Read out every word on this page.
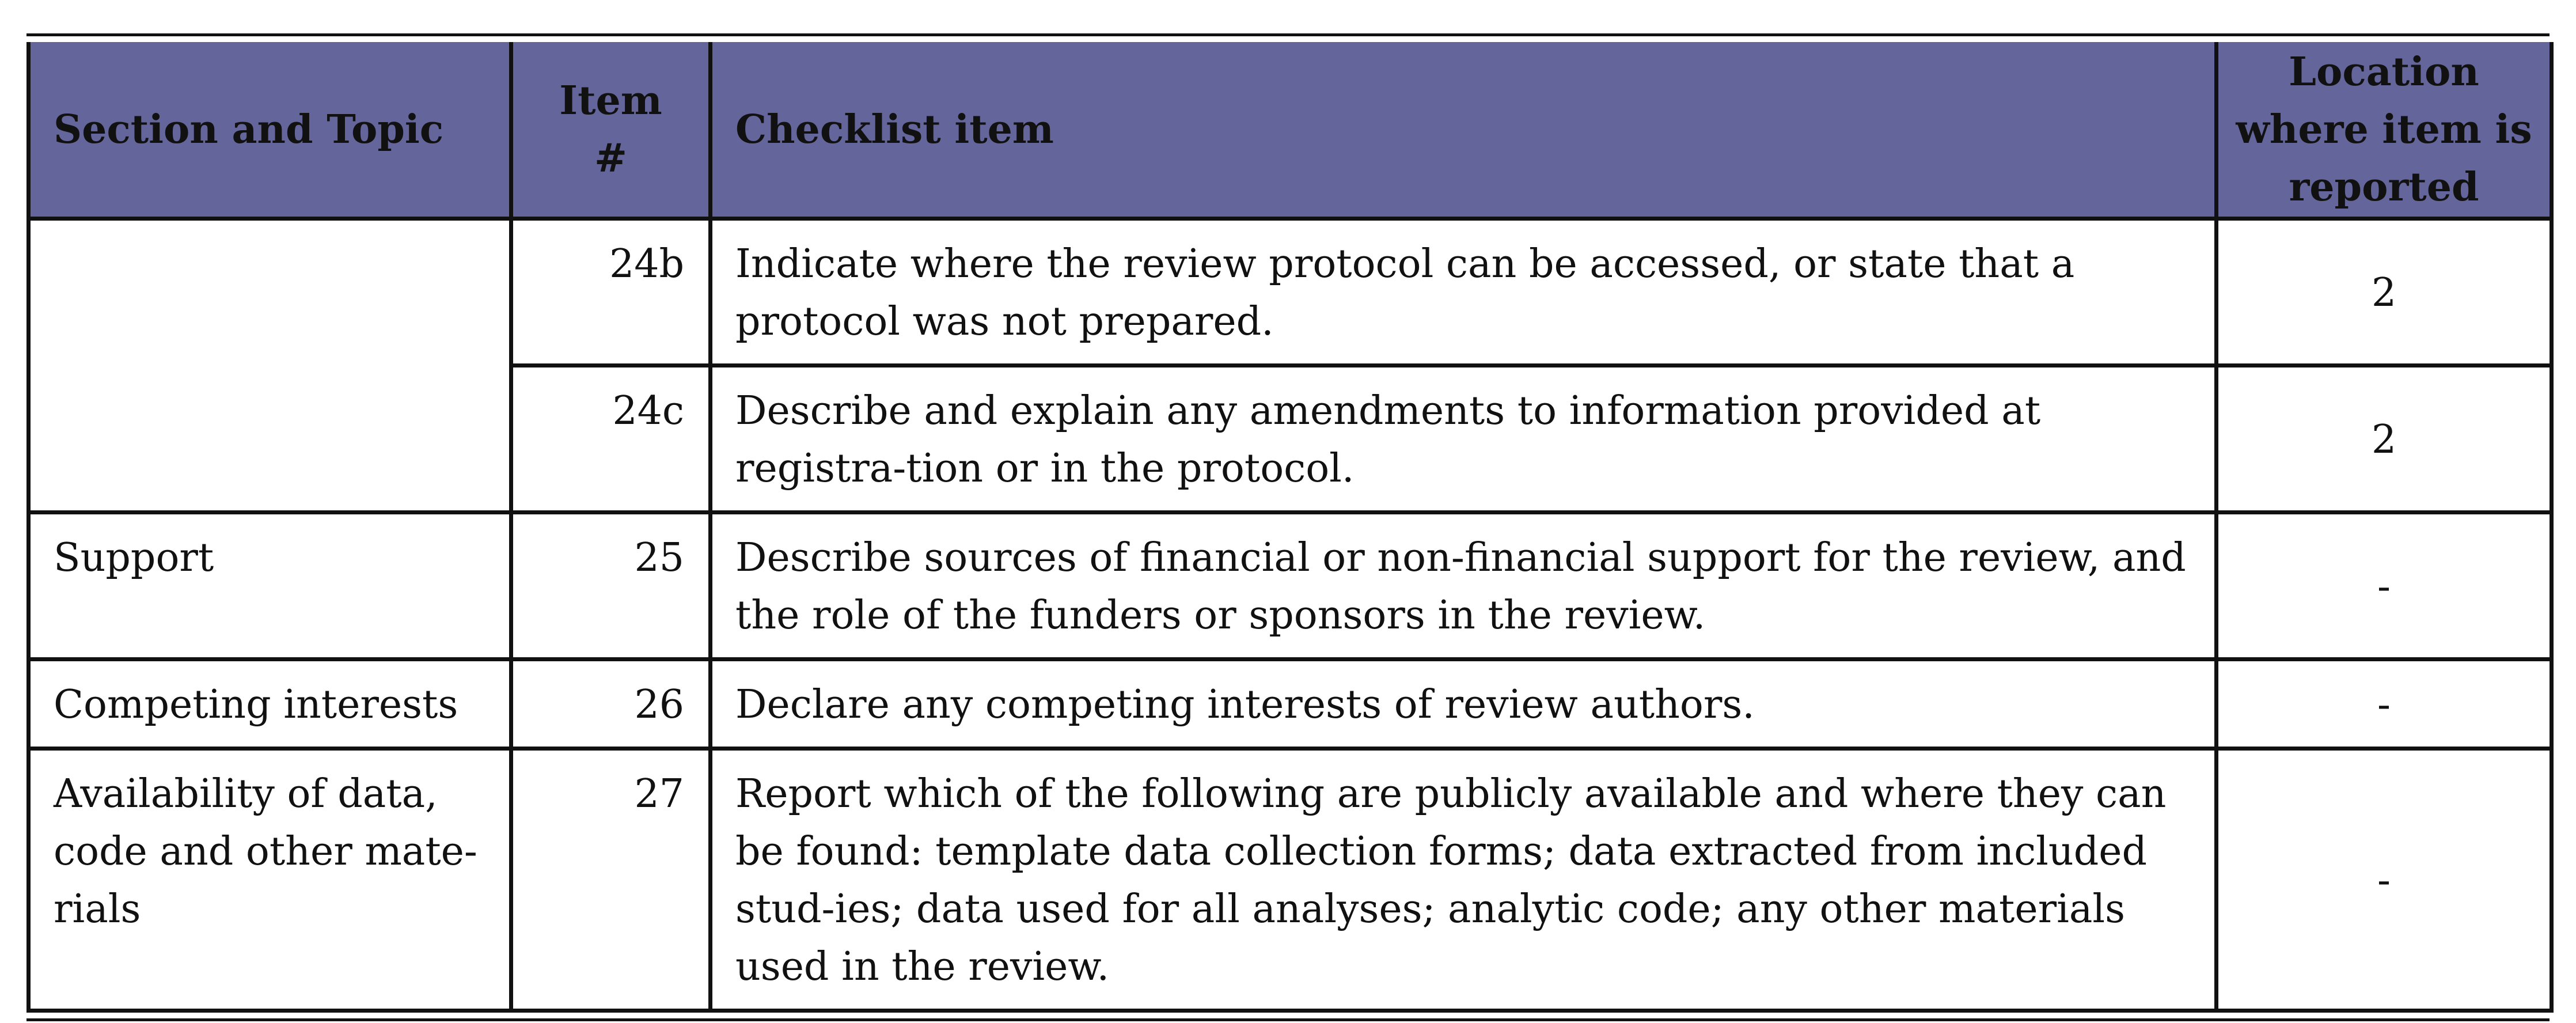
Section and Topic	Item #	Checklist item	Location where item is reported
	24b	Indicate where the review protocol can be accessed, or state that a protocol was not prepared.	2
	24c	Describe and explain any amendments to information provided at registra-tion or in the protocol.	2
Support	25	Describe sources of financial or non-financial support for the review, and the role of the funders or sponsors in the review.	-
Competing interests	26	Declare any competing interests of review authors.	-
Availability of data, code and other mate-rials	27	Report which of the following are publicly available and where they can be found: template data collection forms; data extracted from included stud-ies; data used for all analyses; analytic code; any other materials used in the review.	-
